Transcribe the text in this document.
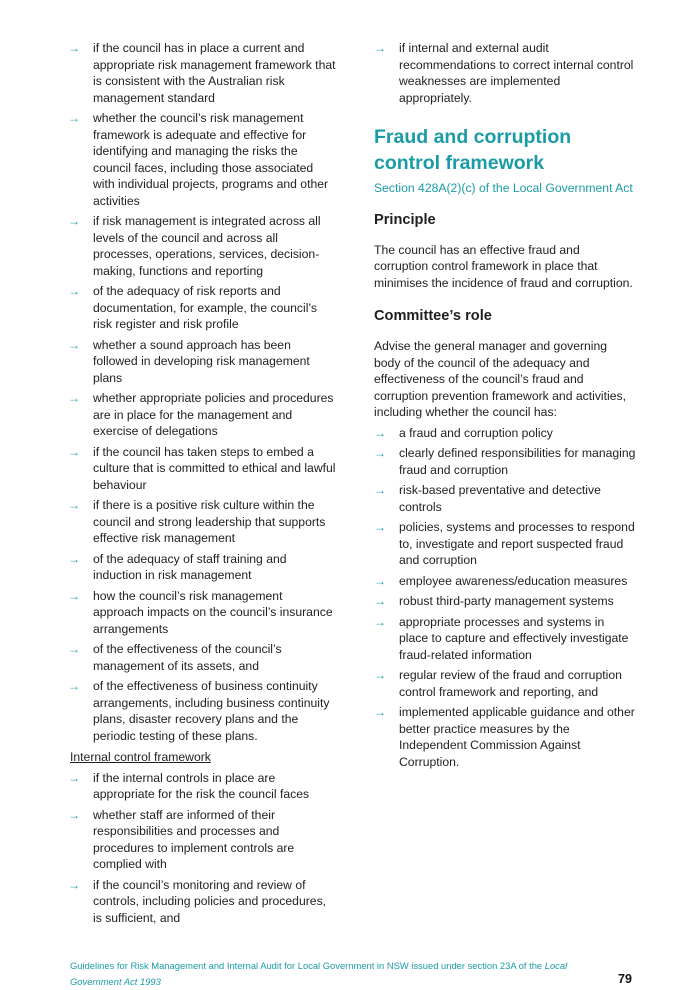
→ if the council has in place a current and appropriate risk management framework that is consistent with the Australian risk management standard
→ whether the council’s risk management framework is adequate and effective for identifying and managing the risks the council faces, including those associated with individual projects, programs and other activities
→ if risk management is integrated across all levels of the council and across all processes, operations, services, decision-making, functions and reporting
→ of the adequacy of risk reports and documentation, for example, the council’s risk register and risk profile
→ whether a sound approach has been followed in developing risk management plans
→ whether appropriate policies and procedures are in place for the management and exercise of delegations
→ if the council has taken steps to embed a culture that is committed to ethical and lawful behaviour
→ if there is a positive risk culture within the council and strong leadership that supports effective risk management
→ of the adequacy of staff training and induction in risk management
→ how the council’s risk management approach impacts on the council’s insurance arrangements
→ of the effectiveness of the council’s management of its assets, and
→ of the effectiveness of business continuity arrangements, including business continuity plans, disaster recovery plans and the periodic testing of these plans.
Internal control framework
→ if the internal controls in place are appropriate for the risk the council faces
→ whether staff are informed of their responsibilities and processes and procedures to implement controls are complied with
→ if the council’s monitoring and review of controls, including policies and procedures, is sufficient, and
→ if internal and external audit recommendations to correct internal control weaknesses are implemented appropriately.
Fraud and corruption control framework
Section 428A(2)(c) of the Local Government Act
Principle

The council has an effective fraud and corruption control framework in place that minimises the incidence of fraud and corruption.

Committee’s role

Advise the general manager and governing body of the council of the adequacy and effectiveness of the council’s fraud and corruption prevention framework and activities, including whether the council has:

→ a fraud and corruption policy
→ clearly defined responsibilities for managing fraud and corruption
→ risk-based preventative and detective controls
→ policies, systems and processes to respond to, investigate and report suspected fraud and corruption
→ employee awareness/education measures
→ robust third-party management systems
→ appropriate processes and systems in place to capture and effectively investigate fraud-related information
→ regular review of the fraud and corruption control framework and reporting, and
→ implemented applicable guidance and other better practice measures by the Independent Commission Against Corruption.
Guidelines for Risk Management and Internal Audit for Local Government in NSW issued under section 23A of the Local Government Act 1993	79
